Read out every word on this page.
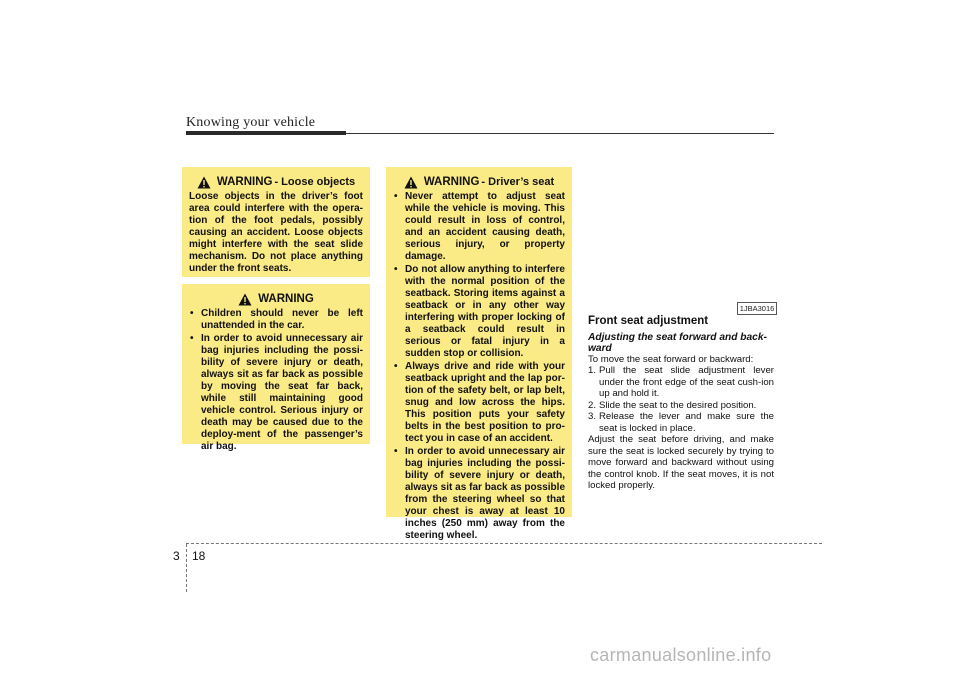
Knowing your vehicle
WARNING - Loose objects
Loose objects in the driver’s foot area could interfere with the opera-tion of the foot pedals, possibly causing an accident. Loose objects might interfere with the seat slide mechanism. Do not place anything under the front seats.
WARNING
• Children should never be left unattended in the car.
• In order to avoid unnecessary air bag injuries including the possi-bility of severe injury or death, always sit as far back as possible by moving the seat far back, while still maintaining good vehicle control. Serious injury or death may be caused due to the deploy-ment of the passenger’s air bag.
WARNING - Driver’s seat
• Never attempt to adjust seat while the vehicle is moving. This could result in loss of control, and an accident causing death, serious injury, or property damage.
• Do not allow anything to interfere with the normal position of the seatback. Storing items against a seatback or in any other way interfering with proper locking of a seatback could result in serious or fatal injury in a sudden stop or collision.
• Always drive and ride with your seatback upright and the lap por-tion of the safety belt, or lap belt, snug and low across the hips. This position puts your safety belts in the best position to pro-tect you in case of an accident.
• In order to avoid unnecessary air bag injuries including the possi-bility of severe injury or death, always sit as far back as possible from the steering wheel so that your chest is away at least 10 inches (250 mm) away from the steering wheel.
1JBA3016
Front seat adjustment
Adjusting the seat forward and back-ward
To move the seat forward or backward:
1. Pull the seat slide adjustment lever under the front edge of the seat cush-ion up and hold it.
2. Slide the seat to the desired position.
3. Release the lever and make sure the seat is locked in place.
Adjust the seat before driving, and make sure the seat is locked securely by trying to move forward and backward without using the control knob. If the seat moves, it is not locked properly.
3 18
carmanualsonline.info
